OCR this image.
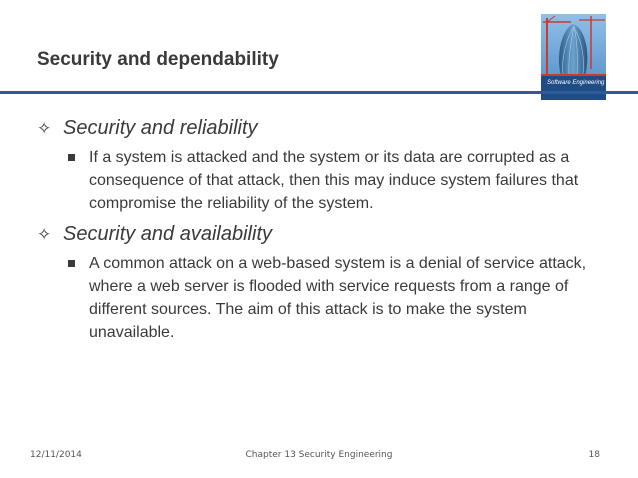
Security and dependability
Software Engineering

✧ Security and reliability

If a system is attacked and the system or its data are corrupted as a consequence of that attack, then this may induce system failures that compromise the reliability of the system.

✧ Security and availability

A common attack on a web-based system is a denial of service attack, where a web server is flooded with service requests from a range of different sources. The aim of this attack is to make the system unavailable.
12/11/2014	Chapter 13 Security Engineering	18
